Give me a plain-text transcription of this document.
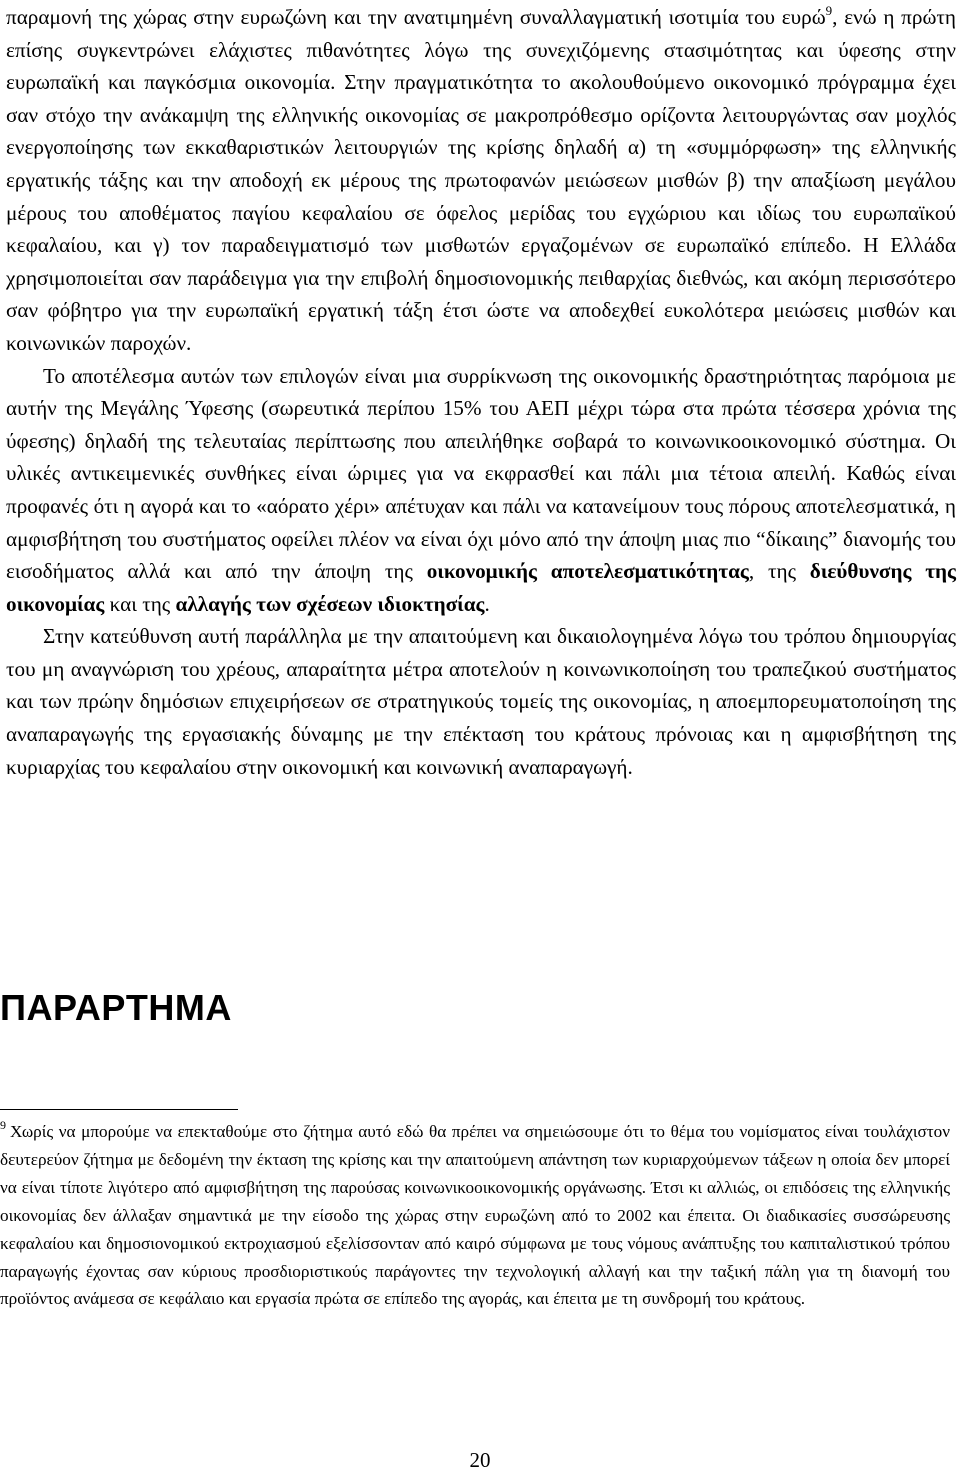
παραμονή της χώρας στην ευρωζώνη και την ανατιμημένη συναλλαγματική ισοτιμία του ευρώ$^9$, ενώ η πρώτη επίσης συγκεντρώνει ελάχιστες πιθανότητες λόγω της συνεχιζόμενης στασιμότητας και ύφεσης στην ευρωπαϊκή και παγκόσμια οικονομία. Στην πραγματικότητα το ακολουθούμενο οικονομικό πρόγραμμα έχει σαν στόχο την ανάκαμψη της ελληνικής οικονομίας σε μακροπρόθεσμο ορίζοντα λειτουργώντας σαν μοχλός ενεργοποίησης των εκκαθαριστικών λειτουργιών της κρίσης δηλαδή α) τη «συμμόρφωση» της ελληνικής εργατικής τάξης και την αποδοχή εκ μέρους της πρωτοφανών μειώσεων μισθών β) την απαξίωση μεγάλου μέρους του αποθέματος παγίου κεφαλαίου σε όφελος μερίδας του εγχώριου και ιδίως του ευρωπαϊκού κεφαλαίου, και γ) τον παραδειγματισμό των μισθωτών εργαζομένων σε ευρωπαϊκό επίπεδο. Η Ελλάδα χρησιμοποιείται σαν παράδειγμα για την επιβολή δημοσιονομικής πειθαρχίας διεθνώς, και ακόμη περισσότερο σαν φόβητρο για την ευρωπαϊκή εργατική τάξη έτσι ώστε να αποδεχθεί ευκολότερα μειώσεις μισθών και κοινωνικών παροχών.

Το αποτέλεσμα αυτών των επιλογών είναι μια συρρίκνωση της οικονομικής δραστηριότητας παρόμοια με αυτήν της Μεγάλης Ύφεσης (σωρευτικά περίπου 15% του ΑΕΠ μέχρι τώρα στα πρώτα τέσσερα χρόνια της ύφεσης) δηλαδή της τελευταίας περίπτωσης που απειλήθηκε σοβαρά το κοινωνικοοικονομικό σύστημα. Οι υλικές αντικειμενικές συνθήκες είναι ώριμες για να εκφρασθεί και πάλι μια τέτοια απειλή. Καθώς είναι προφανές ότι η αγορά και το «αόρατο χέρι» απέτυχαν και πάλι να κατανείμουν τους πόρους αποτελεσματικά, η αμφισβήτηση του συστήματος οφείλει πλέον να είναι όχι μόνο από την άποψη μιας πιο “δίκαιης” διανομής του εισοδήματος αλλά και από την άποψη της οικονομικής αποτελεσματικότητας, της διεύθυνσης της οικονομίας και της αλλαγής των σχέσεων ιδιοκτησίας.

Στην κατεύθυνση αυτή παράλληλα με την απαιτούμενη και δικαιολογημένα λόγω του τρόπου δημιουργίας του μη αναγνώριση του χρέους, απαραίτητα μέτρα αποτελούν η κοινωνικοποίηση του τραπεζικού συστήματος και των πρώην δημόσιων επιχειρήσεων σε στρατηγικούς τομείς της οικονομίας, η αποεμπορευματοποίηση της αναπαραγωγής της εργασιακής δύναμης με την επέκταση του κράτους πρόνοιας και η αμφισβήτηση της κυριαρχίας του κεφαλαίου στην οικονομική και κοινωνική αναπαραγωγή.

ΠΑΡΑΡΤΗΜΑ

$^9$ Χωρίς να μπορούμε να επεκταθούμε στο ζήτημα αυτό εδώ θα πρέπει να σημειώσουμε ότι το θέμα του νομίσματος είναι τουλάχιστον δευτερεύον ζήτημα με δεδομένη την έκταση της κρίσης και την απαιτούμενη απάντηση των κυριαρχούμενων τάξεων η οποία δεν μπορεί να είναι τίποτε λιγότερο από αμφισβήτηση της παρούσας κοινωνικοοικονομικής οργάνωσης. Έτσι κι αλλιώς, οι επιδόσεις της ελληνικής οικονομίας δεν άλλαξαν σημαντικά με την είσοδο της χώρας στην ευρωζώνη από το 2002 και έπειτα. Οι διαδικασίες συσσώρευσης κεφαλαίου και δημοσιονομικού εκτροχιασμού εξελίσσονταν από καιρό σύμφωνα με τους νόμους ανάπτυξης του καπιταλιστικού τρόπου παραγωγής έχοντας σαν κύριους προσδιοριστικούς παράγοντες την τεχνολογική αλλαγή και την ταξική πάλη για τη διανομή του προϊόντος ανάμεσα σε κεφάλαιο και εργασία πρώτα σε επίπεδο της αγοράς, και έπειτα με τη συνδρομή του κράτους.

20
